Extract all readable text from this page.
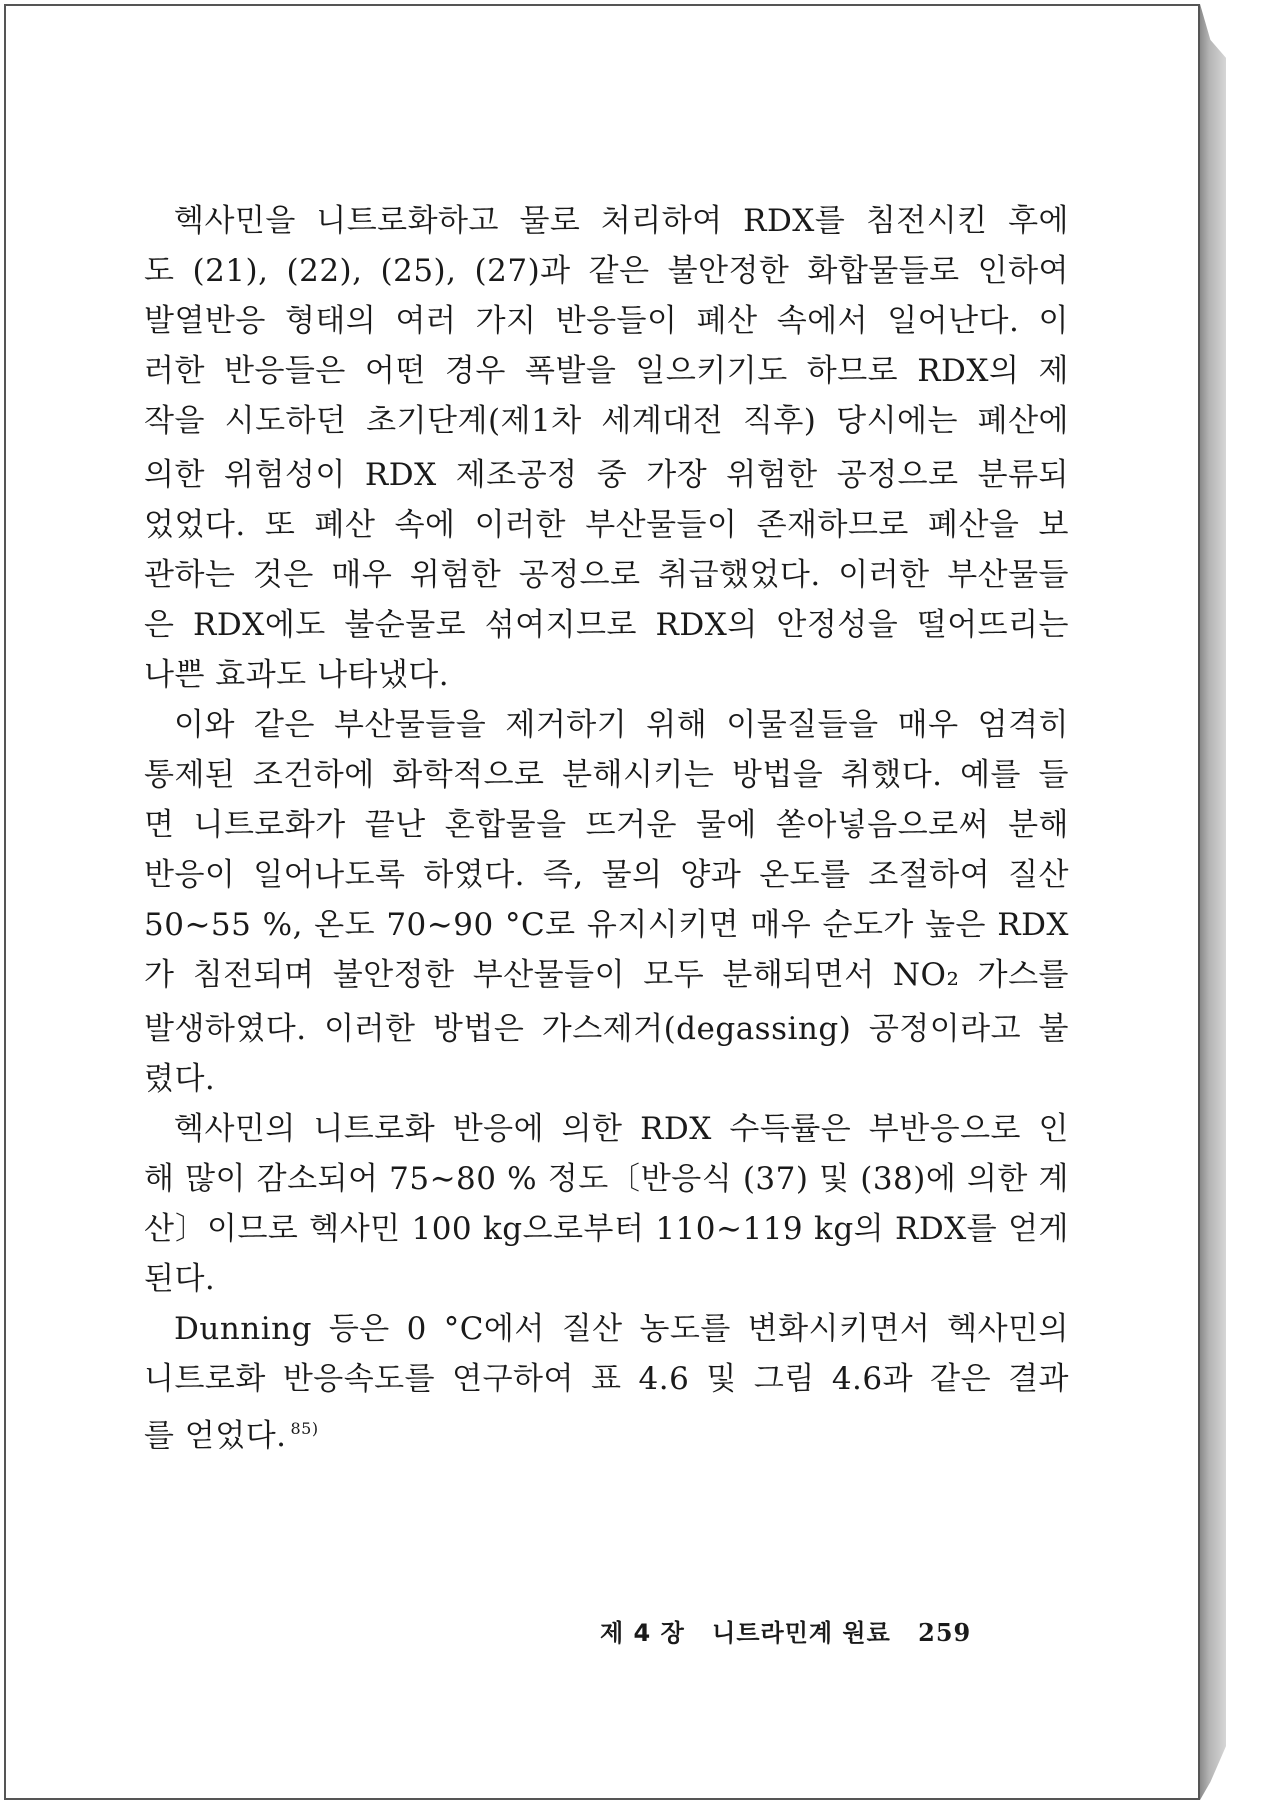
헥사민을 니트로화하고 물로 처리하여 RDX를 침전시킨 후에
도 (21), (22), (25), (27)과 같은 불안정한 화합물들로 인하여
발열반응 형태의 여러 가지 반응들이 폐산 속에서 일어난다. 이
러한 반응들은 어떤 경우 폭발을 일으키기도 하므로 RDX의 제
작을 시도하던 초기단계(제1차 세계대전 직후) 당시에는 폐산에
의한 위험성이 RDX 제조공정 중 가장 위험한 공정으로 분류되
었었다. 또 폐산 속에 이러한 부산물들이 존재하므로 폐산을 보
관하는 것은 매우 위험한 공정으로 취급했었다. 이러한 부산물들
은 RDX에도 불순물로 섞여지므로 RDX의 안정성을 떨어뜨리는
나쁜 효과도 나타냈다.
이와 같은 부산물들을 제거하기 위해 이물질들을 매우 엄격히
통제된 조건하에 화학적으로 분해시키는 방법을 취했다. 예를 들
면 니트로화가 끝난 혼합물을 뜨거운 물에 쏟아넣음으로써 분해
반응이 일어나도록 하였다. 즉, 물의 양과 온도를 조절하여 질산
50∼55 %, 온도 70∼90 °C로 유지시키면 매우 순도가 높은 RDX
가 침전되며 불안정한 부산물들이 모두 분해되면서 NO₂ 가스를
발생하였다. 이러한 방법은 가스제거(degassing) 공정이라고 불
렸다.
헥사민의 니트로화 반응에 의한 RDX 수득률은 부반응으로 인
해 많이 감소되어 75∼80 % 정도〔반응식 (37) 및 (38)에 의한 계
산〕이므로 헥사민 100 kg으로부터 110∼119 kg의 RDX를 얻게
된다.
Dunning 등은 0 °C에서 질산 농도를 변화시키면서 헥사민의
니트로화 반응속도를 연구하여 표 4.6 및 그림 4.6과 같은 결과
를 얻었다. $^{85)}$
제 4 장 니트라민계 원료 259
